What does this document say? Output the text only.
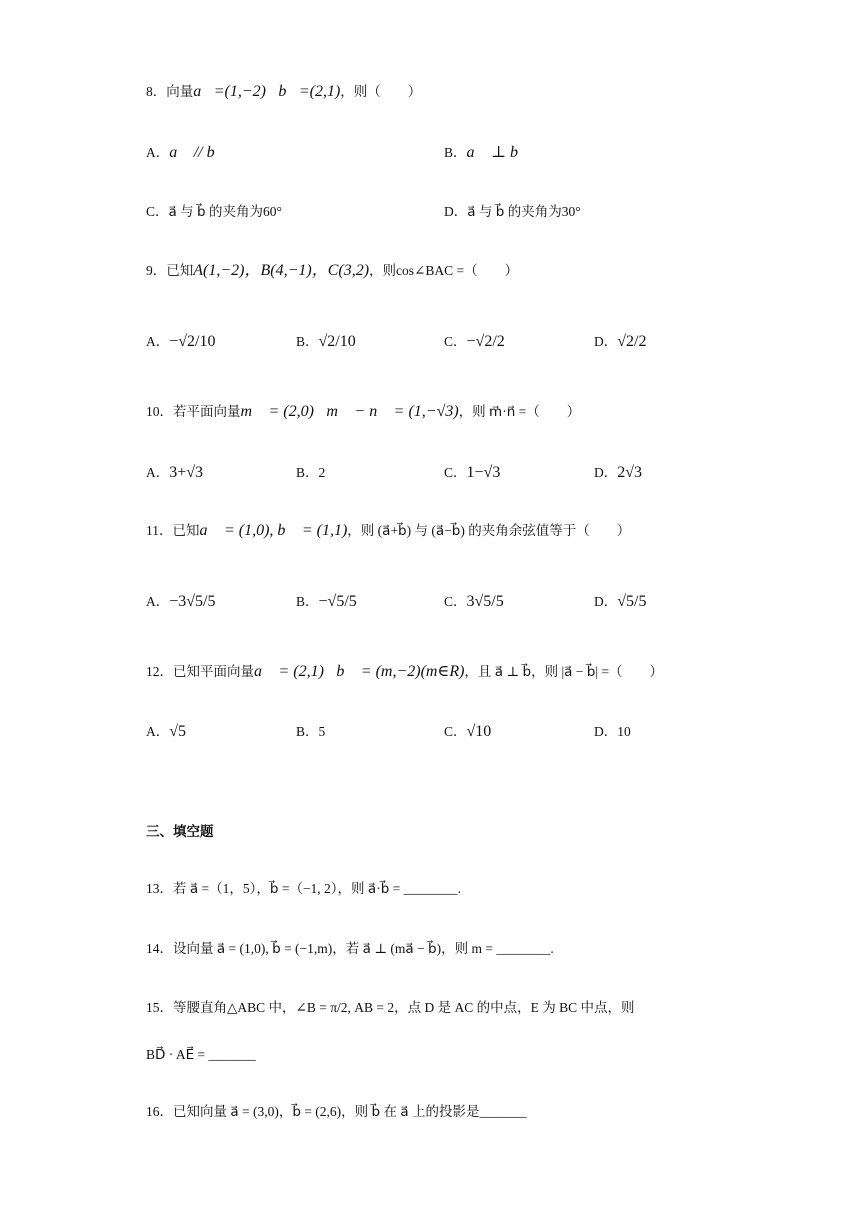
8．向量a⃗=(1,−2)，b⃗=(2,1)，则（　　）
A．a⃗ // b⃗	B．a⃗ ⊥ b⃗
C．a⃗ 与 b⃗ 的夹角为60°	D．a⃗ 与 b⃗ 的夹角为30°
9．已知A(1,−2)，B(4,−1)，C(3,2)，则cos∠BAC =（　　）
A．−√2/10	B．√2/10	C．−√2/2	D．√2/2
10．若平面向量m⃗ = (2,0)，m⃗ − n⃗ = (1,−√3)，则 m⃗·n⃗ =（　　）
A．3+√3	B．2	C．1−√3	D．2√3
11．已知a⃗ = (1,0), b⃗ = (1,1)，则 (a⃗+b⃗) 与 (a⃗−b⃗) 的夹角余弦值等于（　　）
A．−3√5/5	B．−√5/5	C．3√5/5	D．√5/5
12．已知平面向量a⃗ = (2,1)，b⃗ = (m,−2)(m∈R)，且 a⃗ ⊥ b⃗，则 |a⃗ − b⃗| =（　　）
A．√5	B．5	C．√10	D．10
三、填空题
13．若 a⃗ =（1，5），b⃗ =（−1, 2），则 a⃗·b⃗ = ________.
14．设向量 a⃗ = (1,0), b⃗ = (−1,m)，若 a⃗ ⊥ (ma⃗ − b⃗)，则 m = ________.
15．等腰直角△ABC 中，∠B = π/2, AB = 2，点 D 是 AC 的中点，E 为 BC 中点，则
BD⃗ · AE⃗ = _______
16．已知向量 a⃗ = (3,0)，b⃗ = (2,6)，则 b⃗ 在 a⃗ 上的投影是_______
